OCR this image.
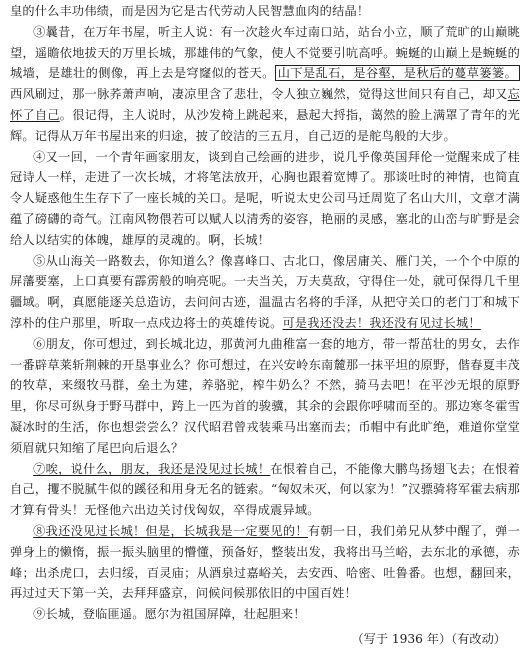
皇的什么丰功伟绩，而是因为它是古代劳动人民智慧血肉的结晶！

③曩昔，在万年书屋，听主人说：有一次趁火车过南口站，站台小立，顺了荒旷的山巅眺望，遥瞻依地拔天的万里长城，那雄伟的气象，使人不觉要引吭高呼。蜿蜒的山巅上是蜿蜒的城墙，是雄壮的侧像，再上去是穹窿似的苍天。 山下是乱石，是谷壑，是秋后的蔓草篓篓。西风刷过，那一脉荞萧声响，凄凉里含了悲壮，令人独立巍然，觉得这世间只有自己，却又忘怀了自己。很记得，主人说时，从沙发椅上跳起来，悬起大捋指，蔼然的脸上满罩了青年的光辉。记得从万年书屋出来的归途，披了皎洁的三五月，自己迈的是舵鸟般的大步。

④又一回，一个青年画家朋友，谈到自己绘画的进步，说几乎像英国拜伦一觉醒来成了桂冠诗人一样，走进了一次长城，才将笔法放开，心胸也跟着宽博了。那谈吐时的神情，也简直令人疑惑他生生存下了一座长城的关口。是呢，听说太史公司马迁周览了名山大川，文章才满蕴了磅礴的奇气。江南风物偎若可以赋人以清秀的姿容，艳丽的灵感，塞北的山峦与旷野是会给人以结实的体魄，雄厚的灵魂的。啊，长城！

⑤从山海关一路数去，你知道么？像喜峰口、古北口，像居庸关、雁门关，一个个中原的屏藩要塞，上口真要有霹雳般的响亮呢。一夫当关，万夫莫敌，守得住一处，就可保得几千里疆域。啊，真愿能逐关总造访，去问问古迹，温温古名将的手泽，从把守关口的老门丁和城下淳朴的住户那里，听取一点戍边将士的英雄传说。可是我还没去！我还没有见过长城！

⑥朋友，你可想过，到长城北边，那黄河九曲稚富一套的地方，带一帮茁壮的男女，去作一番辟草莱斩荆棘的开垦事业么？你可想过，在兴安岭东南麓那一抹平坦的原野，偕春夏丰茂的牧草，来缀牧马群，垒土为建，养骆驼，榨牛奶么？不然，骑马去吧！在平沙无垠的原野里，你尽可纵身于野马群中，跨上一匹为首的骏骥，其余的会跟你呼啸而至的。那边寒冬霍雪凝冰时的生活，你也想尝尝么？汉代昭君曾戎装乘马出塞而去；币帽中有此旷绝，难道你堂堂须眉就只知缩了尾巴向后退么？

⑦唉，说什么，朋友，我还是没见过长城！在恨着自己，不能像大鹏鸟扬翅飞去；在恨着自己，攫不脱腻牛似的蹊径和用身无名的链索。“匈奴未灭，何以家为！”汉骠骑将军霍去病那才算有骨头！无怪他六出边关讨伐匈奴，卒得成震异域。

⑧我还没见过长城！但是，长城我是一定要见的！有朝一日，我们弟兄从梦中醒了，弹一弹身上的懒惰，振一振头脑里的懵懂，预备好，整装出发，我将出马兰峪，去东北的承德，赤峰；出杀虎口，去归绥，百灵庙；从酒泉过嘉峪关，去安西、哈密、吐鲁番。也想，翻回来，再过过天下第一关，去拜拜盛京，问候问候那依旧的中国百姓！

⑨长城，登临匪遥。愿尔为祖国屏障，壮起胆来！

（写于 1936 年）（有改动）
